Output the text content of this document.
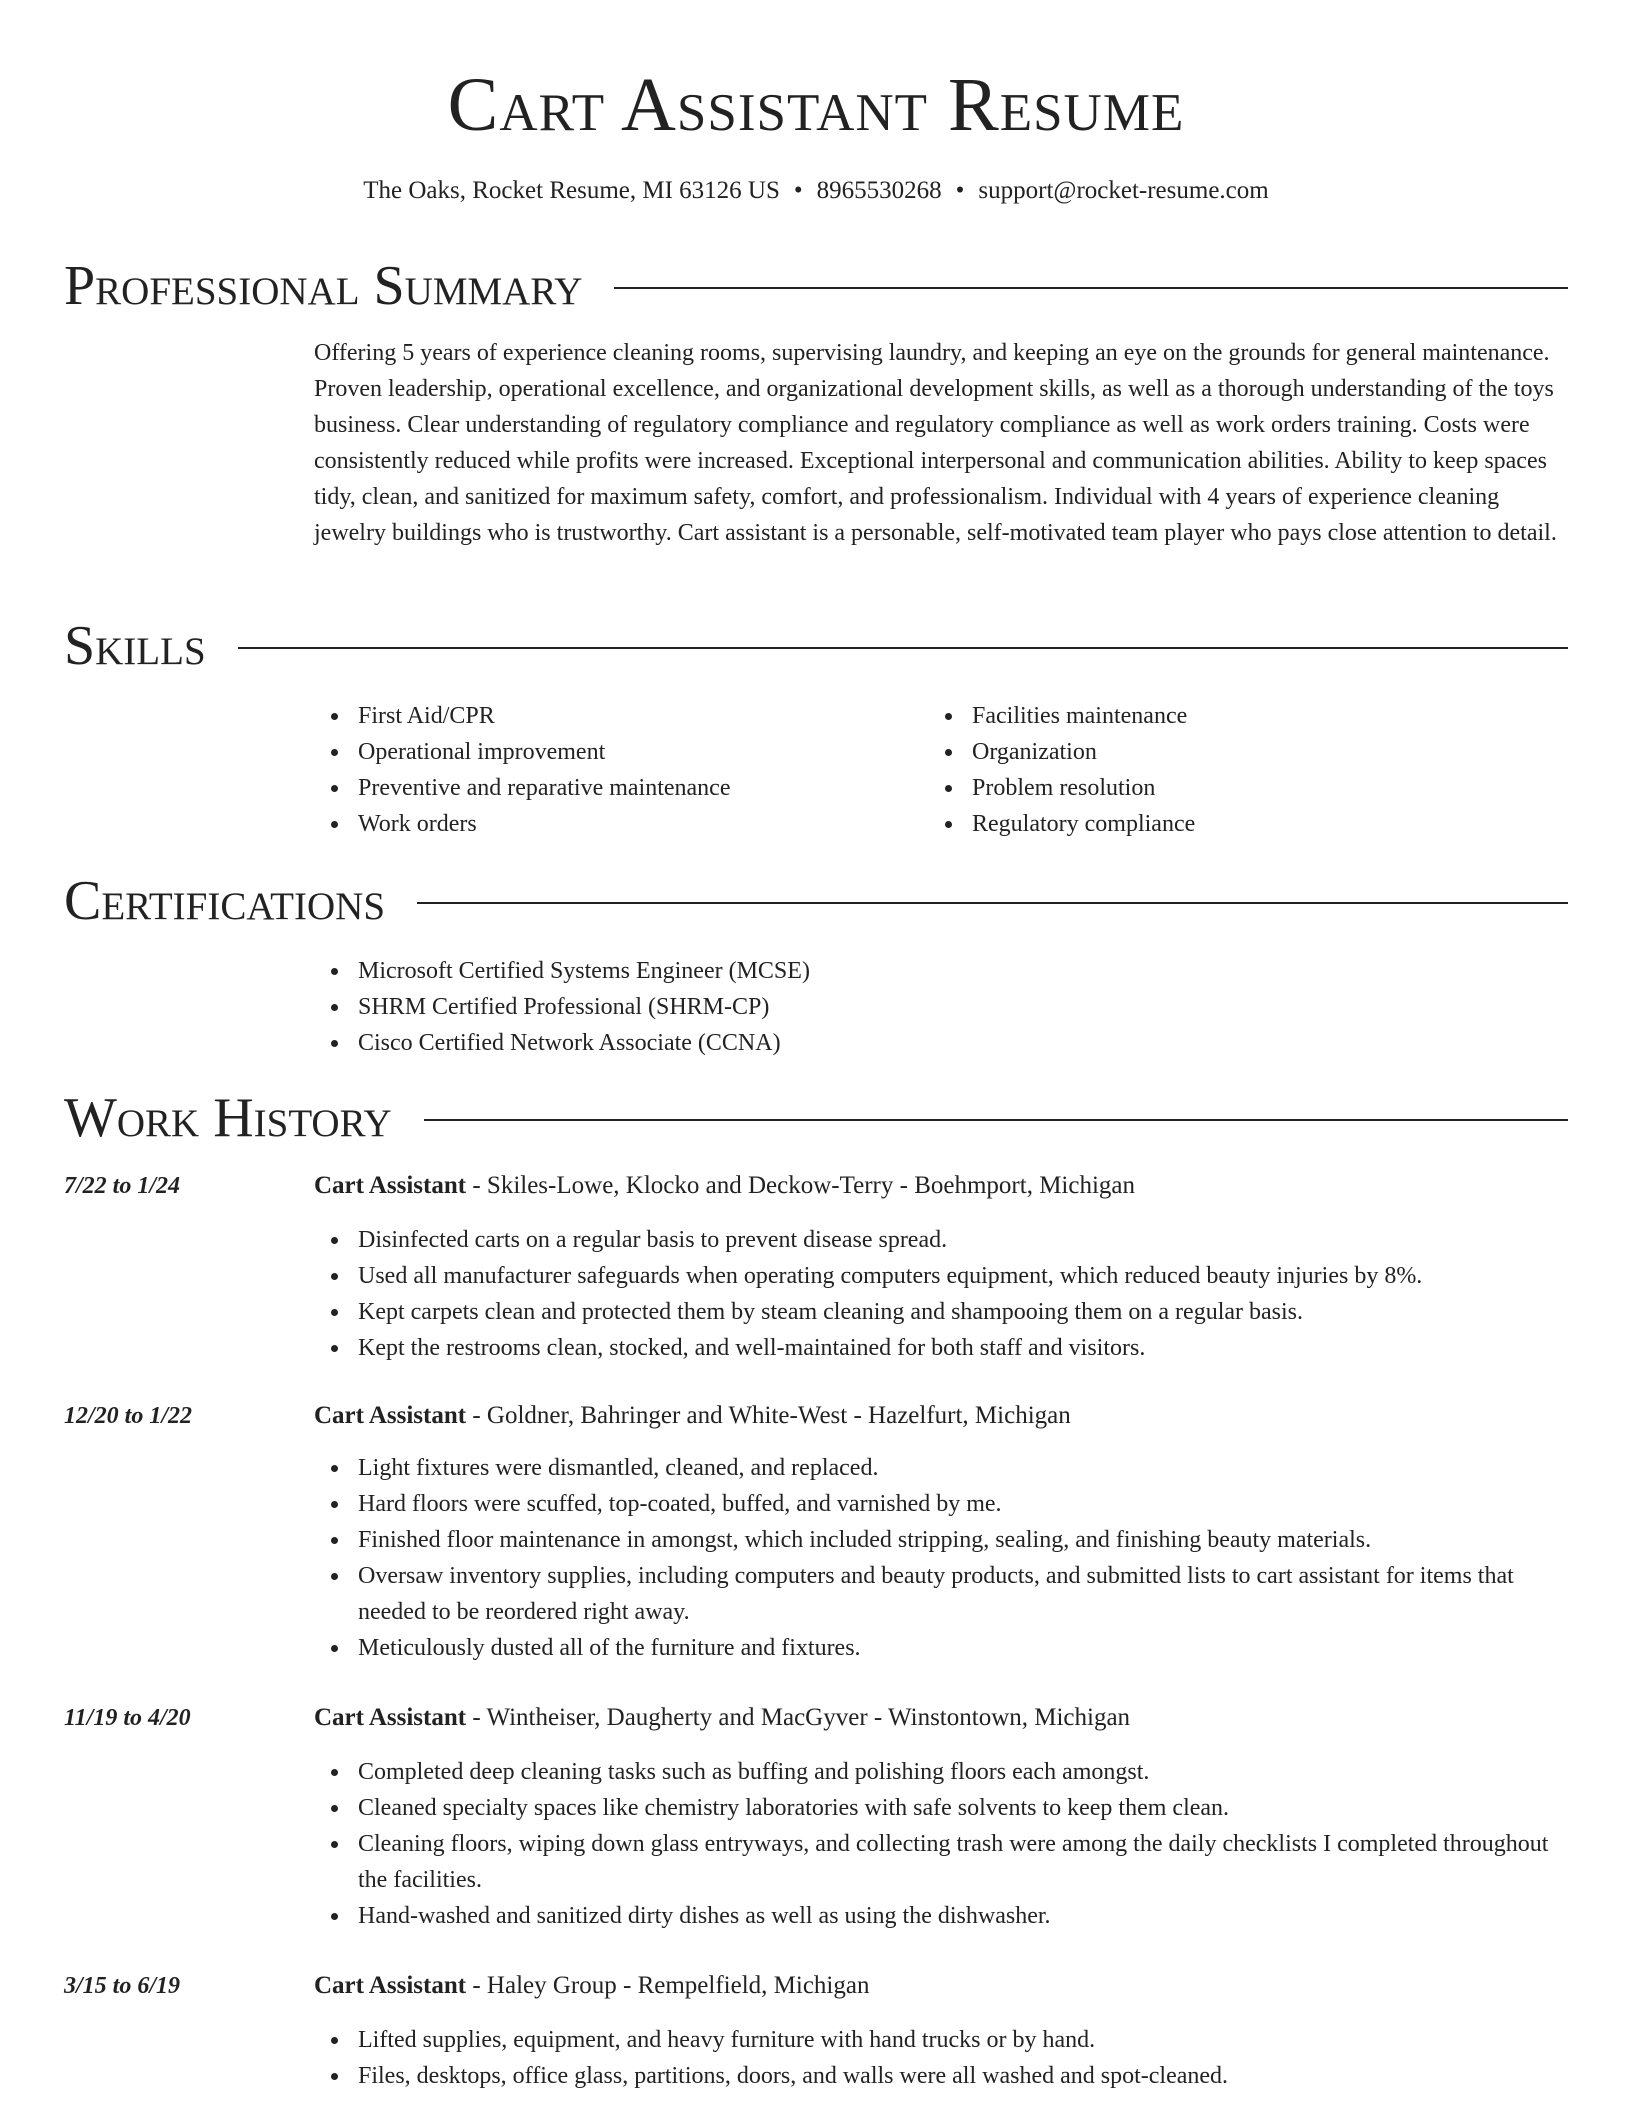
Cart Assistant Resume
The Oaks, Rocket Resume, MI 63126 US • 8965530268 • support@rocket-resume.com
Professional Summary
Offering 5 years of experience cleaning rooms, supervising laundry, and keeping an eye on the grounds for general maintenance. Proven leadership, operational excellence, and organizational development skills, as well as a thorough understanding of the toys business. Clear understanding of regulatory compliance and regulatory compliance as well as work orders training. Costs were consistently reduced while profits were increased. Exceptional interpersonal and communication abilities. Ability to keep spaces tidy, clean, and sanitized for maximum safety, comfort, and professionalism. Individual with 4 years of experience cleaning jewelry buildings who is trustworthy. Cart assistant is a personable, self-motivated team player who pays close attention to detail.
Skills
First Aid/CPR
Operational improvement
Preventive and reparative maintenance
Work orders
Facilities maintenance
Organization
Problem resolution
Regulatory compliance
Certifications
Microsoft Certified Systems Engineer (MCSE)
SHRM Certified Professional (SHRM-CP)
Cisco Certified Network Associate (CCNA)
Work History
7/22 to 1/24	Cart Assistant - Skiles-Lowe, Klocko and Deckow-Terry - Boehmport, Michigan
Disinfected carts on a regular basis to prevent disease spread.
Used all manufacturer safeguards when operating computers equipment, which reduced beauty injuries by 8%.
Kept carpets clean and protected them by steam cleaning and shampooing them on a regular basis.
Kept the restrooms clean, stocked, and well-maintained for both staff and visitors.
12/20 to 1/22	Cart Assistant - Goldner, Bahringer and White-West - Hazelfurt, Michigan
Light fixtures were dismantled, cleaned, and replaced.
Hard floors were scuffed, top-coated, buffed, and varnished by me.
Finished floor maintenance in amongst, which included stripping, sealing, and finishing beauty materials.
Oversaw inventory supplies, including computers and beauty products, and submitted lists to cart assistant for items that needed to be reordered right away.
Meticulously dusted all of the furniture and fixtures.
11/19 to 4/20	Cart Assistant - Wintheiser, Daugherty and MacGyver - Winstontown, Michigan
Completed deep cleaning tasks such as buffing and polishing floors each amongst.
Cleaned specialty spaces like chemistry laboratories with safe solvents to keep them clean.
Cleaning floors, wiping down glass entryways, and collecting trash were among the daily checklists I completed throughout the facilities.
Hand-washed and sanitized dirty dishes as well as using the dishwasher.
3/15 to 6/19	Cart Assistant - Haley Group - Rempelfield, Michigan
Lifted supplies, equipment, and heavy furniture with hand trucks or by hand.
Files, desktops, office glass, partitions, doors, and walls were all washed and spot-cleaned.
